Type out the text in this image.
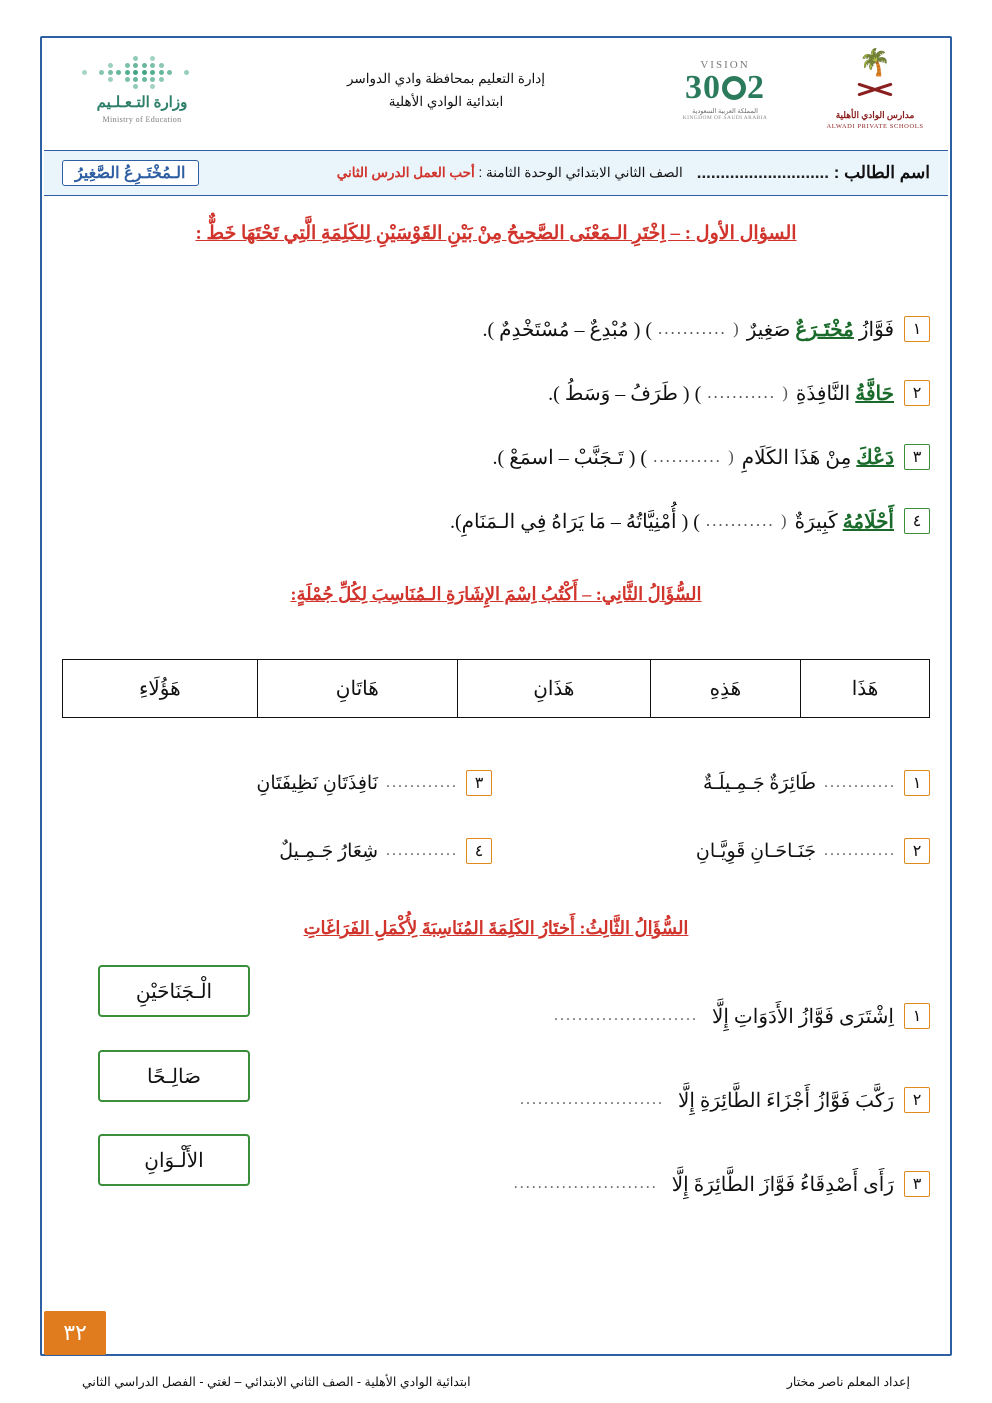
🌴
مدارس الوادي الأهلية
ALWADI PRIVATE SCHOOLS
VISION
230
المملكة العربية السعودية
KINGDOM OF SAUDI ARABIA
إدارة التعليم بمحافظة وادي الدواسر
ابتدائية الوادي الأهلية
وزارة التـعـلـيم
Ministry of Education
اسم الطالب : ............................
الصف الثاني الابتدائي الوحدة الثامنة : أحب العمل الدرس الثاني
الـمُخْتَـرِعُ الصَّغِيرُ
السؤال الأول : – اِخْتَرِ الـمَعْنَى الصَّحِيحُ مِنْ بَيْنِ القَوْسَيْنِ لِلكَلِمَةِ الَّتِي تَحْتَهَا خَطٌّ :
١
فَوَّازُ مُخْتَـرَعٌ صَغِيرٌ
( ...........
) ( مُبْدِعٌ – مُسْتَخْدِمٌ ).
٢
حَافَّةُ النَّافِذَةِ
( ...........
) ( طَرَفُ – وَسَطُ ).
٣
دَعْكَ مِنْ هَذَا الكَلَامِ
( ...........
) ( تَـجَنَّبْ – اسمَعْ ).
٤
أَحْلَامُهُ كَبِيرَةٌ
( ...........
) ( أُمْنِيَّاتُهُ – مَا يَرَاهُ فِي الـمَنَامِ).
السُّؤَالُ الثَّانِي: – أَكْتُبُ اِسْمَ الإِشَارَةِ الـمُنَاسِبَ لِكُلِّ جُمْلَةٍ:
هَذَا	هَذِهِ	هَذَانِ	هَاتَانِ	هَؤُلَاءِ
١
............
طَائِرَةٌ جَـمِـيلَـةٌ
٣
............
نَافِذَتَانِ نَظِيفَتَانِ
٢
............
جَنَـاحَـانِ قَوِيَّـانِ
٤
............
شِعَارُ جَـمِـيلٌ
السُّؤَالُ الثَّالِثُ: أَختَارُ الكَلِمَةَ المُنَاسِبَةَ لِأُكْمَلِ الفَرَاغَاتِ
الْـجَنَاحَيْنِ
صَالِـحًا
الأَلْـوَانِ
١
اِشْتَرَى فَوَّازُ الأَدَوَاتِ إِلَّا
........................
٢
رَكَّبَ فَوَّازُ أَجْزَاءَ الطَّائِرَةِ إِلَّا
........................
٣
رَأَى أَصْدِقَاءُ فَوَّازَ الطَّائِرَةَ إِلَّا
........................
٣٢
إعداد المعلم ناصر مختار
ابتدائية الوادي الأهلية - الصف الثاني الابتدائي – لغتي - الفصل الدراسي الثاني
